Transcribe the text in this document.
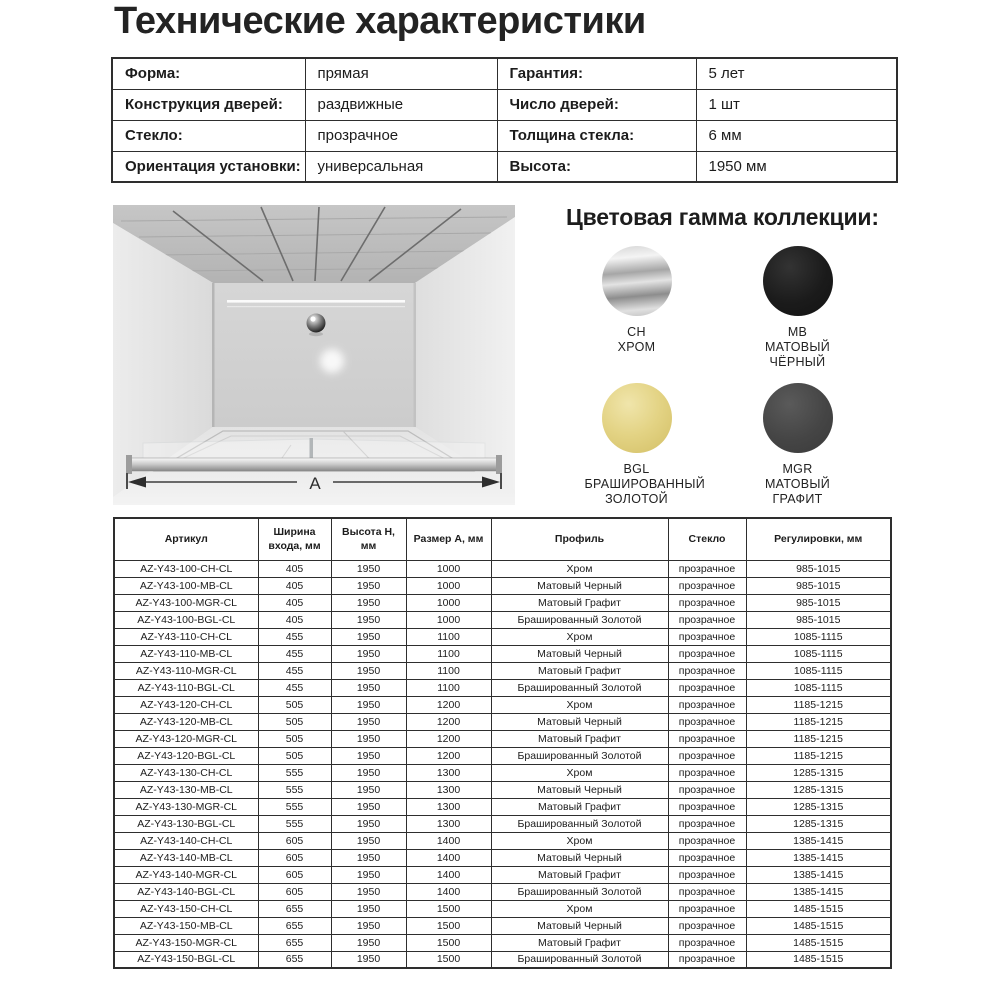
Технические характеристики
Форма:	прямая	Гарантия:	5 лет
Конструкция дверей:	раздвижные	Число дверей:	1 шт
Стекло:	прозрачное	Толщина стекла:	6 мм
Ориентация установки:	универсальная	Высота:	1950 мм
A
Цветовая гамма коллекции:
CH
ХРОМ
MB
МАТОВЫЙ ЧЁРНЫЙ
BGL
БРАШИРОВАННЫЙ ЗОЛОТОЙ
MGR
МАТОВЫЙ ГРАФИТ
Артикул	Ширина входа, мм	Высота H, мм	Размер A, мм	Профиль	Стекло	Регулировки, мм
AZ-Y43-100-CH-CL	405	1950	1000	Хром	прозрачное	985-1015
AZ-Y43-100-MB-CL	405	1950	1000	Матовый Черный	прозрачное	985-1015
AZ-Y43-100-MGR-CL	405	1950	1000	Матовый Графит	прозрачное	985-1015
AZ-Y43-100-BGL-CL	405	1950	1000	Брашированный Золотой	прозрачное	985-1015
AZ-Y43-110-CH-CL	455	1950	1100	Хром	прозрачное	1085-1115
AZ-Y43-110-MB-CL	455	1950	1100	Матовый Черный	прозрачное	1085-1115
AZ-Y43-110-MGR-CL	455	1950	1100	Матовый Графит	прозрачное	1085-1115
AZ-Y43-110-BGL-CL	455	1950	1100	Брашированный Золотой	прозрачное	1085-1115
AZ-Y43-120-CH-CL	505	1950	1200	Хром	прозрачное	1185-1215
AZ-Y43-120-MB-CL	505	1950	1200	Матовый Черный	прозрачное	1185-1215
AZ-Y43-120-MGR-CL	505	1950	1200	Матовый Графит	прозрачное	1185-1215
AZ-Y43-120-BGL-CL	505	1950	1200	Брашированный Золотой	прозрачное	1185-1215
AZ-Y43-130-CH-CL	555	1950	1300	Хром	прозрачное	1285-1315
AZ-Y43-130-MB-CL	555	1950	1300	Матовый Черный	прозрачное	1285-1315
AZ-Y43-130-MGR-CL	555	1950	1300	Матовый Графит	прозрачное	1285-1315
AZ-Y43-130-BGL-CL	555	1950	1300	Брашированный Золотой	прозрачное	1285-1315
AZ-Y43-140-CH-CL	605	1950	1400	Хром	прозрачное	1385-1415
AZ-Y43-140-MB-CL	605	1950	1400	Матовый Черный	прозрачное	1385-1415
AZ-Y43-140-MGR-CL	605	1950	1400	Матовый Графит	прозрачное	1385-1415
AZ-Y43-140-BGL-CL	605	1950	1400	Брашированный Золотой	прозрачное	1385-1415
AZ-Y43-150-CH-CL	655	1950	1500	Хром	прозрачное	1485-1515
AZ-Y43-150-MB-CL	655	1950	1500	Матовый Черный	прозрачное	1485-1515
AZ-Y43-150-MGR-CL	655	1950	1500	Матовый Графит	прозрачное	1485-1515
AZ-Y43-150-BGL-CL	655	1950	1500	Брашированный Золотой	прозрачное	1485-1515
